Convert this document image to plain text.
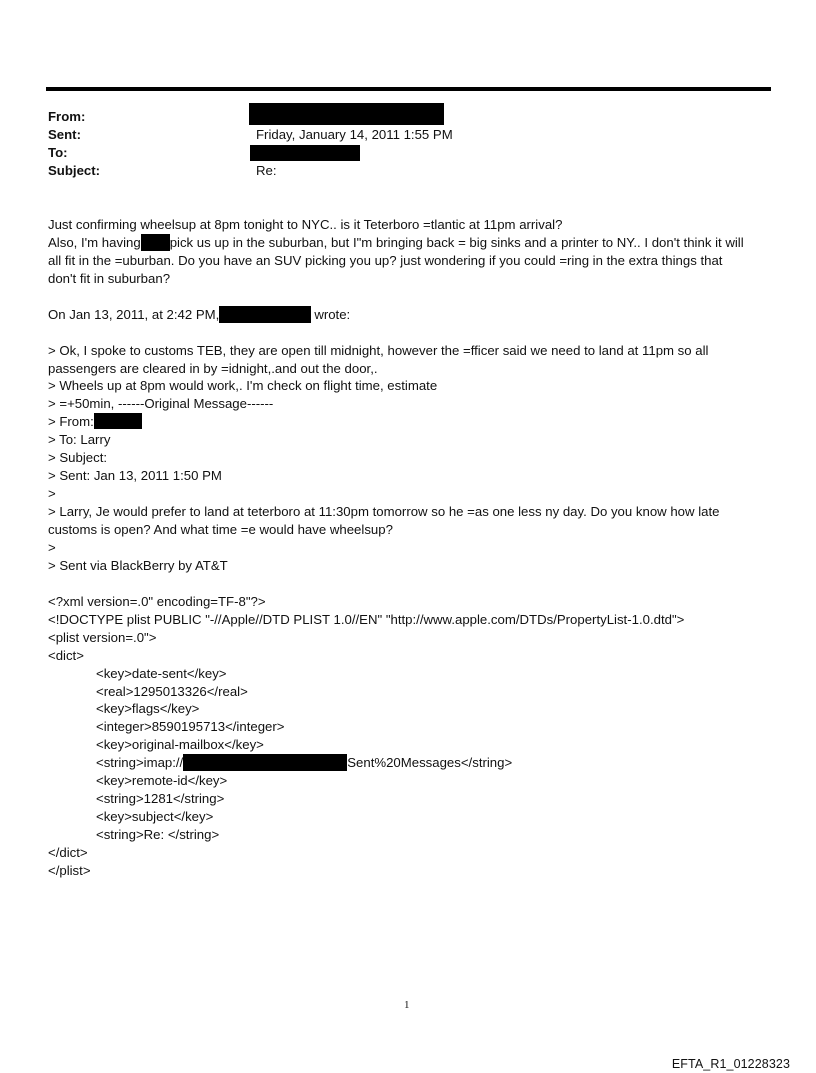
From:
Sent:	Friday, January 14, 2011 1:55 PM
To:
Subject:	Re:
Just confirming wheelsup at 8pm tonight to NYC.. is it Teterboro =tlantic at 11pm arrival?
Also, I'm having pick us up in the suburban, but I"m bringing back = big sinks and a printer to NY.. I don't think it will
all fit in the =uburban. Do you have an SUV picking you up? just wondering if you could =ring in the extra things that
don't fit in suburban?
On Jan 13, 2011, at 2:42 PM,	wrote:
> Ok, I spoke to customs TEB, they are open till midnight, however the =fficer said we need to land at 11pm so all
passengers are cleared in by =idnight,.and out the door,.
> Wheels up at 8pm would work,. I'm check on flight time, estimate
> =+50min, ------Original Message------
> From:
> To: Larry
> Subject:
> Sent: Jan 13, 2011 1:50 PM
>
> Larry, Je would prefer to land at teterboro at 11:30pm tomorrow so he =as one less ny day. Do you know how late
customs is open? And what time =e would have wheelsup?
>
> Sent via BlackBerry by AT&T
<?xml version=.0" encoding=TF-8"?>
<!DOCTYPE plist PUBLIC "-//Apple//DTD PLIST 1.0//EN" "http://www.apple.com/DTDs/PropertyList-1.0.dtd">
<plist version=.0">
<dict>
<key>date-sent</key>
<real>1295013326</real>
<key>flags</key>
<integer>8590195713</integer>
<key>original-mailbox</key>
<string>imap://	Sent%20Messages</string>
<key>remote-id</key>
<string>1281</string>
<key>subject</key>
<string>Re: </string>
</dict>
</plist>
1
EFTA_R1_01228323
